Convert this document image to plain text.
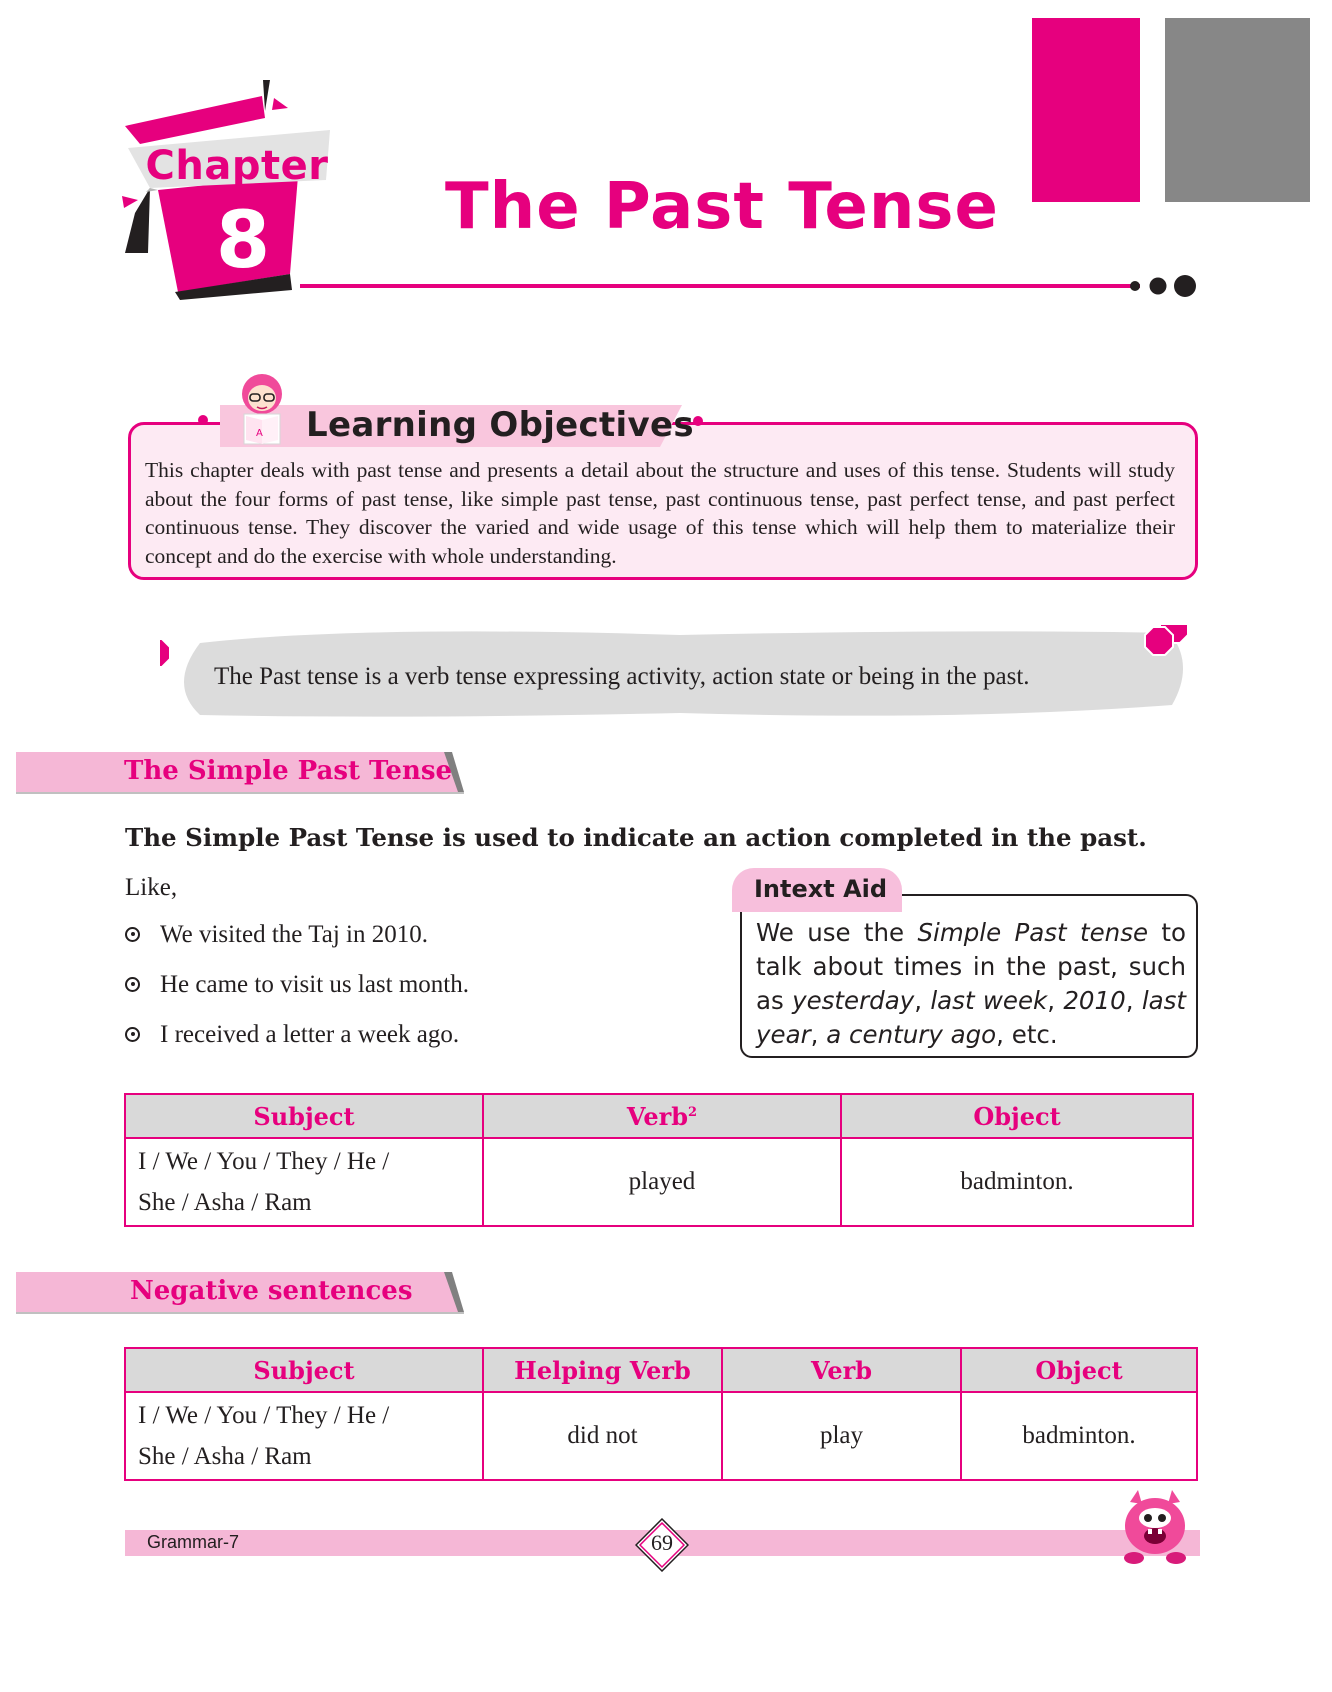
Chapter
8	The Past Tense
A Learning Objectives
This chapter deals with past tense and presents a detail about the structure and uses of this tense. Students will study about the four forms of past tense, like simple past tense, past continuous tense, past perfect tense, and past perfect continuous tense. They discover the varied and wide usage of this tense which will help them to materialize their concept and do the exercise with whole understanding.
The Past tense is a verb tense expressing activity, action state or being in the past.
The Simple Past Tense
The Simple Past Tense is used to indicate an action completed in the past.
Like,
We visited the Taj in 2010.
He came to visit us last month.
I received a letter a week ago.
Intext Aid
We use the Simple Past tense to talk about times in the past, such as yesterday, last week, 2010, last year, a century ago, etc.
Subject	Verb$^2$	Object
I / We / You / They / He /
She / Asha / Ram	played	badminton.
Negative sentences
Subject	Helping Verb	Verb	Object
I / We / You / They / He /
She / Asha / Ram	did not	play	badminton.
Grammar-7	69
